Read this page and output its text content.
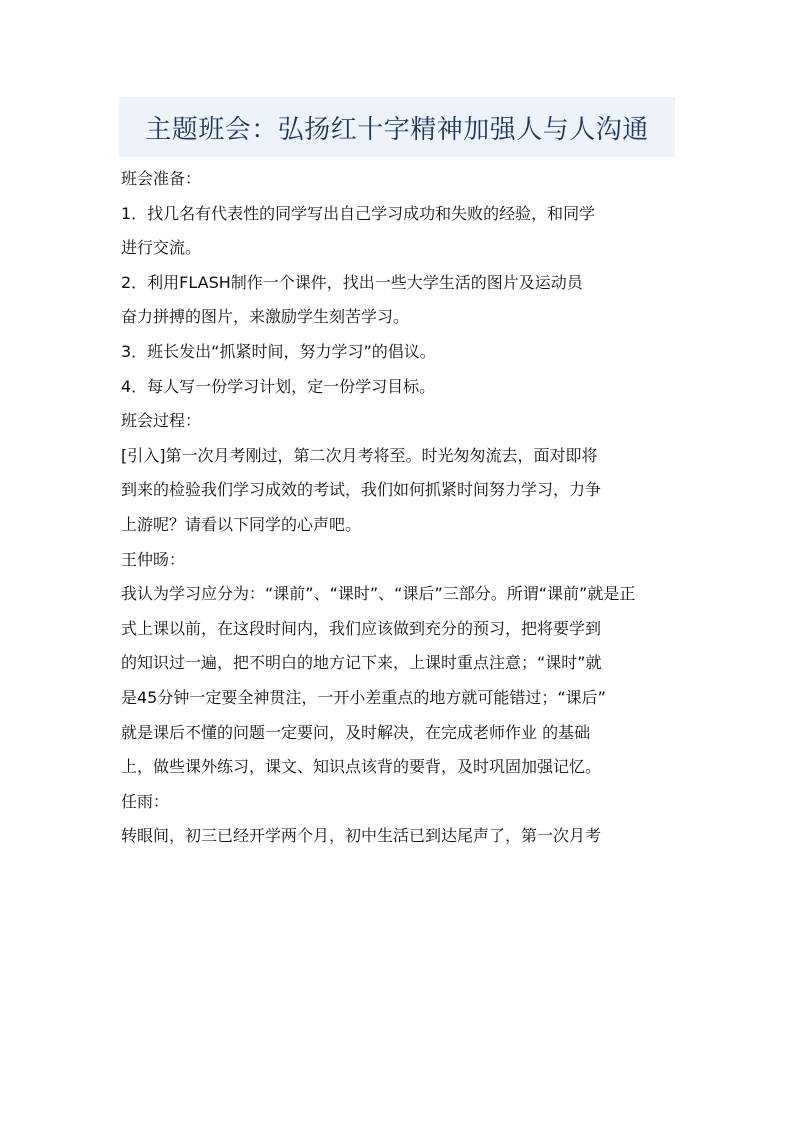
主题班会：弘扬红十字精神加强人与人沟通
班会准备：
1．找几名有代表性的同学写出自己学习成功和失败的经验，和同学
进行交流。
2．利用FLASH制作一个课件，找出一些大学生活的图片及运动员
奋力拼搏的图片，来激励学生刻苦学习。
3．班长发出“抓紧时间，努力学习”的倡议。
4．每人写一份学习计划，定一份学习目标。
班会过程：
[引入]第一次月考刚过，第二次月考将至。时光匆匆流去，面对即将
到来的检验我们学习成效的考试，我们如何抓紧时间努力学习，力争
上游呢？请看以下同学的心声吧。
王仲旸：
我认为学习应分为：“课前”、“课时”、“课后”三部分。所谓“课前”就是正
式上课以前，在这段时间内，我们应该做到充分的预习，把将要学到
的知识过一遍，把不明白的地方记下来，上课时重点注意；“课时”就
是45分钟一定要全神贯注，一开小差重点的地方就可能错过；“课后”
就是课后不懂的问题一定要问，及时解决，在完成老师作业 的基础
上，做些课外练习，课文、知识点该背的要背，及时巩固加强记忆。
任雨：
转眼间，初三已经开学两个月，初中生活已到达尾声了，第一次月考
